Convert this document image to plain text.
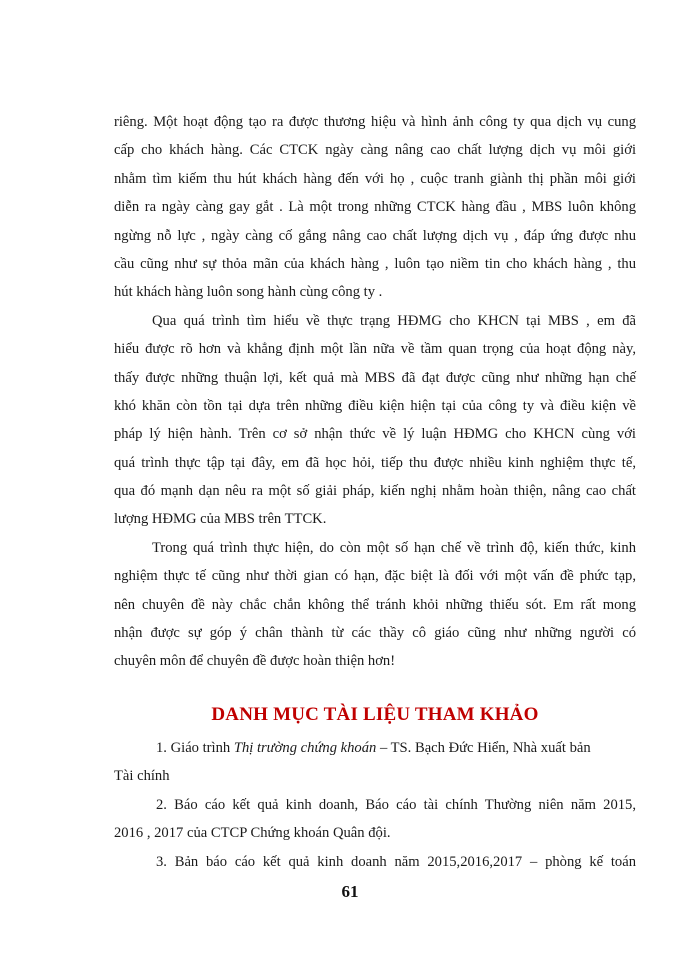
riêng. Một hoạt động tạo ra được thương hiệu và hình ảnh công ty qua dịch vụ cung
cấp cho khách hàng. Các CTCK ngày càng nâng cao chất lượng dịch vụ môi giới
nhằm tìm kiếm thu hút khách hàng đến với họ , cuộc tranh giành thị phần môi giới
diễn ra ngày càng gay gắt . Là một trong những CTCK hàng đầu , MBS luôn không
ngừng nỗ lực , ngày càng cố gắng nâng cao chất lượng dịch vụ , đáp ứng được nhu
cầu cũng như sự thỏa mãn của khách hàng , luôn tạo niềm tin cho khách hàng , thu
hút khách hàng luôn song hành cùng công ty .
Qua quá trình tìm hiểu về thực trạng HĐMG cho KHCN tại MBS , em đã
hiểu được rõ hơn và khẳng định một lần nữa về tầm quan trọng của hoạt động này,
thấy được những thuận lợi, kết quả mà MBS đã đạt được cũng như những hạn chế
khó khăn còn tồn tại dựa trên những điều kiện hiện tại của công ty và điều kiện về
pháp lý hiện hành. Trên cơ sở nhận thức về lý luận HĐMG cho KHCN cùng với
quá trình thực tập tại đây, em đã học hỏi, tiếp thu được nhiều kinh nghiệm thực tế,
qua đó mạnh dạn nêu ra một số giải pháp, kiến nghị nhằm hoàn thiện, nâng cao chất
lượng HĐMG của MBS trên TTCK.
Trong quá trình thực hiện, do còn một số hạn chế về trình độ, kiến thức, kinh
nghiệm thực tế cũng như thời gian có hạn, đặc biệt là đối với một vấn đề phức tạp,
nên chuyên đề này chắc chắn không thể tránh khỏi những thiếu sót. Em rất mong
nhận được sự góp ý chân thành từ các thầy cô giáo cũng như những người có
chuyên môn để chuyên đề được hoàn thiện hơn!
DANH MỤC TÀI LIỆU THAM KHẢO
1. Giáo trình Thị trường chứng khoán – TS. Bạch Đức Hiển, Nhà xuất bản
Tài chính
2. Báo cáo kết quả kinh doanh, Báo cáo tài chính Thường niên năm 2015,
2016 , 2017 của CTCP Chứng khoán Quân đội.
3. Bản báo cáo kết quả kinh doanh năm 2015,2016,2017 – phòng kế toán
61
